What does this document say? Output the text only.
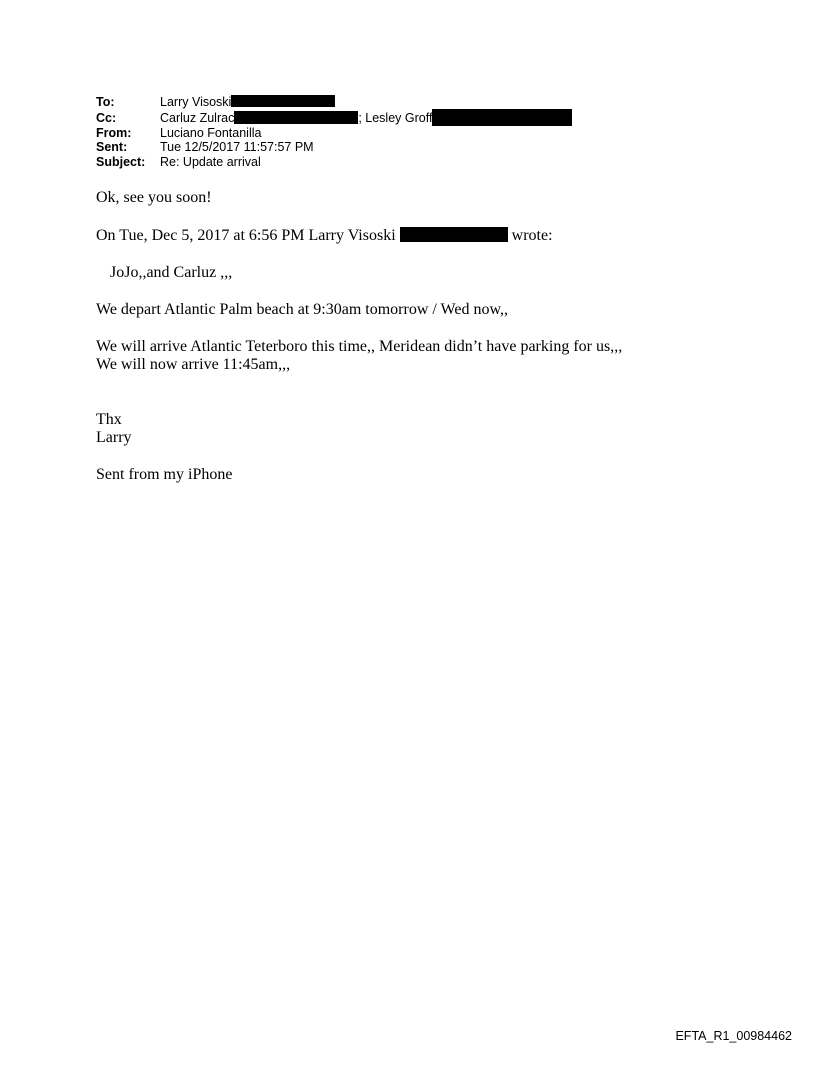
To:	Larry Visoski
Cc:	Carluz Zulrac	; Lesley Groff
From:	Luciano Fontanilla
Sent:	Tue 12/5/2017 11:57:57 PM
Subject:	Re: Update arrival
Ok, see you soon!
On Tue, Dec 5, 2017 at 6:56 PM Larry Visoski	wrote:
JoJo,,and Carluz ,,,
We depart Atlantic Palm beach at 9:30am tomorrow / Wed now,,
We will arrive Atlantic Teterboro this time,, Meridean didn’t have parking for us,,,
We will now arrive 11:45am,,,
Thx
Larry
Sent from my iPhone
EFTA_R1_00984462
